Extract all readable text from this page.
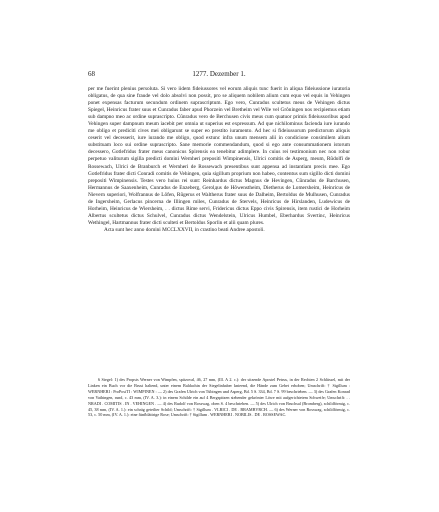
68	1277. Dezember 1.

per me fuerint plenius persoluta. Si vero iidem fideiussores vel eorum aliquis tunc fuerit in aliqua fideiussione iuratoria obligatus, de qua sine fraude vel dolo absolvi non possit, pro se aliquem nobilem alium cum equo vel equis in Vehingen ponet expensas facturum secundum ordinem suprascriptum. Ego vero, Cunradus scultetus meus de Vehingen dictus Spiegel, Heinricus frater suus et Cunradus faber apud Phorzein vel Bretheim vel Wile vel Grôningen nos recipiemus etiam sub dampno meo ac ordine suprascripto. Cûnradus vero de Berchusen civis meus cum quatuor primis fideiussoribus apud Vehingen super dampnum meum iacebit per omnia ut superius est expressum. Ad que nichilominus facienda iure iurando me obligo et prediciti cives mei obligarunt se super eo prestito iuramento. Ad hec si fideiussorum predictorum aliquis ceserit vel decesserit, iure iurando me obligo, quod extunc infra unum mensem alii in condicione consimilem alium substituam loco sui ordine suprascripto. Sane memorie commendandum, quod si ego ante consummationem istorum decessero, Gotlefridus frater meus canonicus Spirensis ea tenebitur adimplere. In cuius rei testimonium nec non robur perpetuo valiturum sigilla predicti domini Wernheri prepositi Wimpinensis, Ulrici comitis de Asperg, meum, Rûdolfi de Rossewach, Ulrici de Branburch et Wernheri de Rossewach presentibus sunt appensa ad instantiam precis mee. Ego Gotlefridus frater dicti Conradi comitis de Vehingen, quia sigillum proprium non habeo, contentus sum sigillo dicti domini prepositi Wimpinensis. Testes vero huius rei sunt: Reinhardus dictus Magnus de Hevingen, Cûnradus de Barchusen, Hermannus de Saaxenheim, Cunradus de Enzeberg, Gerolдus de Hôwenstheim, Dietherus de Lomersheim, Heinricus de Nievern superiori, Wolfrannus de Lôfen, Rûgerus et Waltherus frater suus de Dalheim, Bertoldus de Mulhusen, Cunradus de Ingersheim, Gerlacus pincerna de Illingen miles, Cunradus de Stervels, Heinricus de Hirslanden, Ludewicus de Horheim, Heinricus de Wiersheim, . . dictus Rime servi, Fridericus dictus Eppo civis Spirensis, item rustici de Horheim Albertus scultetus dictus Schulvel, Cunradus dictus Wendelstein, Ulricus Humbel, Eberhardus Svertinc, Heinricus Wethingel, Hartmannus frater dicti sculteti et Bertoldus Sporlin et alii quam plures.

Acta sunt hec anno domini MCCLXXVII, in crastino beati Andree apostoli.

6 Siegel: 1) des Propsts Werner von Wimpfen, spitzoval, 46, 27 mm, (Ill. A 2. c.): der sitzende Apostel Petrus, in der Rechten 2 Schlüssel, mit der Linken ein Buch vor die Brust haltend, unter einem Baldachin der Siegelinhaber knieend, die Hände zum Gebet erhoben; Umschrift: † Sigillum : WERNHERI : ProPosiTI : WIMPINEN : — 2) des Grafen Ulrich von Tübingen und Asperg, Bd. 5 S. 334, Bd. 7 S. 99 beschrieben. — 3) des Grafen Konrad von Vaihingen, rund, c. 43 mm, (IV. A. 3.): in einem Schilde ein auf 4 Bergspitzen stehender gekrönter Löwe mit aufgerichtetem Schweife; Umschrift: . . NRADI . COMITIS . IN . VEHINGEN . — 4) des Rudolf von Rosswag, oben S. 4 beschrieben. — 5) des Ulrich von Bruchsal (Bromberg), schildförmig, c. 45, 38 mm, (IV. A. 1.): ein schräg geteilter Schild; Umschrift: † Sigillum . VLRICI . DE . BRAMBVRCH. — 6) des Werner von Rosswag, schildförmig, c. 53, c. 50 mm, (IV. A. 1.): eine fünfblättrige Rose; Umschrift: † Sigillum . WERNHERI . NOBILIS . DE . ROSSEWAC.
